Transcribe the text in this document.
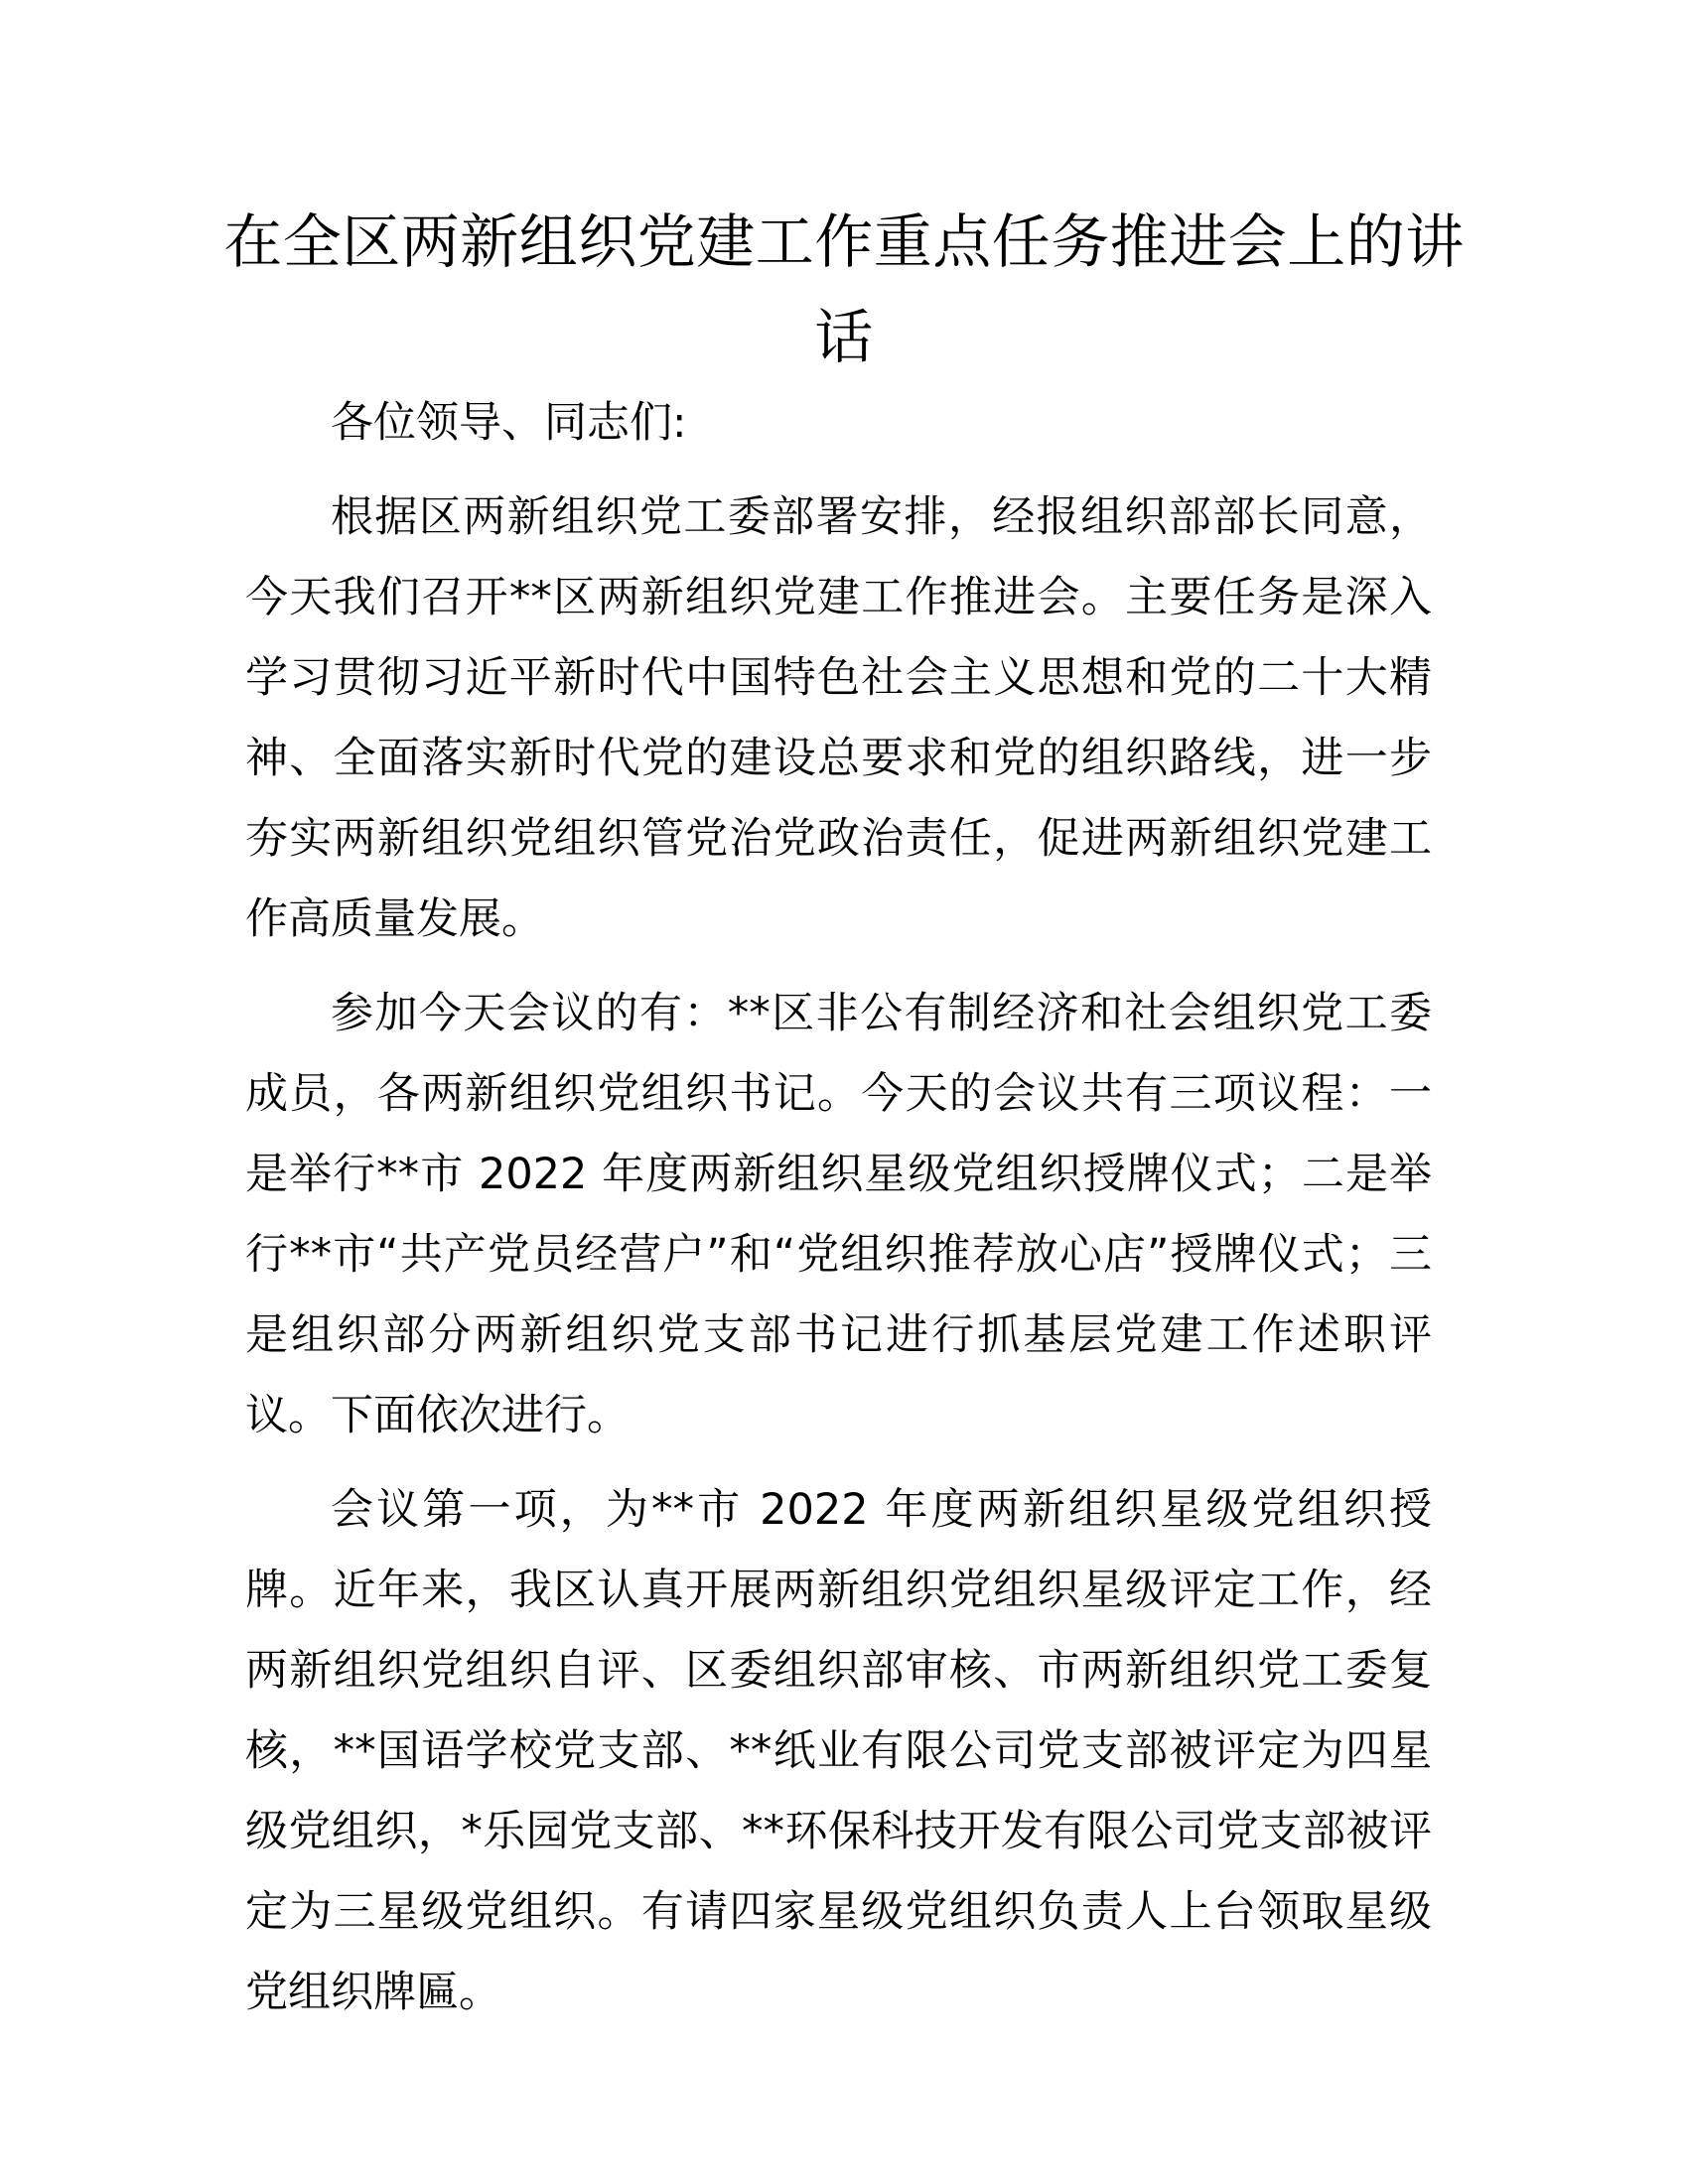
在全区两新组织党建工作重点任务推进会上的讲话

各位领导、同志们:

根据区两新组织党工委部署安排，经报组织部部长同意，今天我们召开**区两新组织党建工作推进会。主要任务是深入学习贯彻习近平新时代中国特色社会主义思想和党的二十大精神、全面落实新时代党的建设总要求和党的组织路线，进一步夯实两新组织党组织管党治党政治责任，促进两新组织党建工作高质量发展。

参加今天会议的有：**区非公有制经济和社会组织党工委成员，各两新组织党组织书记。今天的会议共有三项议程：一是举行**市 2022 年度两新组织星级党组织授牌仪式；二是举行**市“共产党员经营户”和“党组织推荐放心店”授牌仪式；三是组织部分两新组织党支部书记进行抓基层党建工作述职评议。下面依次进行。

会议第一项，为**市 2022 年度两新组织星级党组织授牌。近年来，我区认真开展两新组织党组织星级评定工作，经两新组织党组织自评、区委组织部审核、市两新组织党工委复核，**国语学校党支部、**纸业有限公司党支部被评定为四星级党组织，*乐园党支部、**环保科技开发有限公司党支部被评定为三星级党组织。有请四家星级党组织负责人上台领取星级党组织牌匾。
